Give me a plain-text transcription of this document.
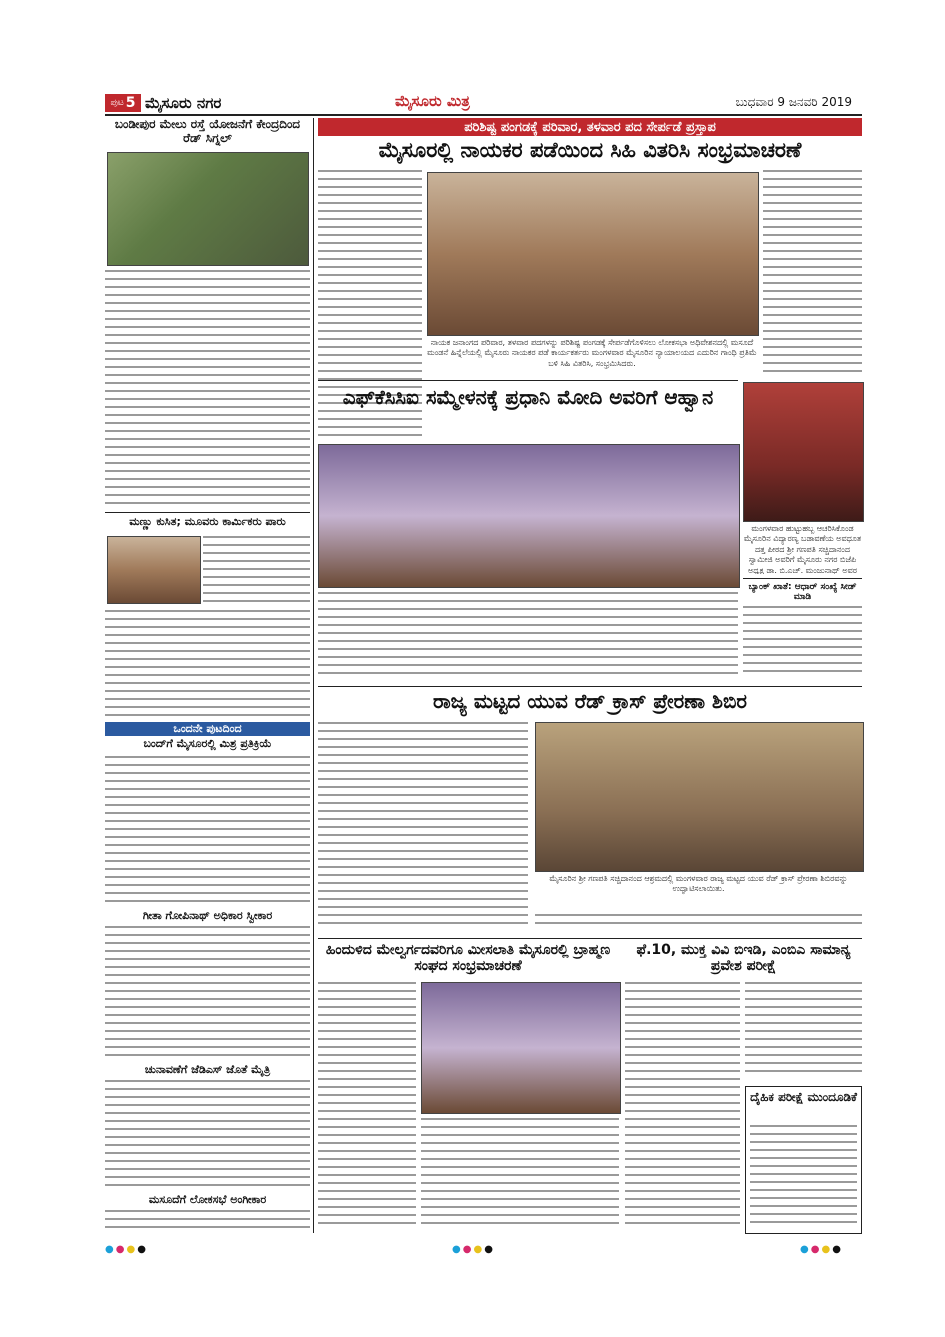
ಪುಟ 5 ಮೈಸೂರು ನಗರ	ಮೈಸೂರು ಮಿತ್ರ	ಬುಧವಾರ 9 ಜನವರಿ 2019
ಬಂಡೀಪುರ ಮೇಲು ರಸ್ತೆ ಯೋಜನೆಗೆ ಕೇಂದ್ರದಿಂದ ರೆಡ್ ಸಿಗ್ನಲ್
ಮಣ್ಣು ಕುಸಿತ; ಮೂವರು ಕಾರ್ಮಿಕರು ಪಾರು
ಒಂದನೇ ಪುಟದಿಂದ
ಬಂದ್‌ಗೆ ಮೈಸೂರಲ್ಲಿ ಮಿಶ್ರ ಪ್ರತಿಕ್ರಿಯೆ
ಗೀತಾ ಗೋಪಿನಾಥ್ ಅಧಿಕಾರ ಸ್ವೀಕಾರ
ಚುನಾವಣೆಗೆ ಜೆಡಿಎಸ್ ಜೊತೆ ಮೈತ್ರಿ
ಮಸೂದೆಗೆ ಲೋಕಸಭೆ ಅಂಗೀಕಾರ
ಪರಿಶಿಷ್ಟ ಪಂಗಡಕ್ಕೆ ಪರಿವಾರ, ತಳವಾರ ಪದ ಸೇರ್ಪಡೆ ಪ್ರಸ್ತಾಪ
ಮೈಸೂರಲ್ಲಿ ನಾಯಕರ ಪಡೆಯಿಂದ ಸಿಹಿ ವಿತರಿಸಿ ಸಂಭ್ರಮಾಚರಣೆ
ನಾಯಕ ಜನಾಂಗದ ಪರಿವಾರ, ತಳವಾರ ಪದಗಳನ್ನು ಪರಿಶಿಷ್ಟ ಪಂಗಡಕ್ಕೆ ಸೇರ್ಪಡೆಗೊಳಿಸಲು ಲೋಕಸಭಾ ಅಧಿವೇಶನದಲ್ಲಿ ಮಸೂದೆ ಮಂಡನೆ ಹಿನ್ನೆಲೆಯಲ್ಲಿ ಮೈಸೂರು ನಾಯಕರ ಪಡೆ ಕಾರ್ಯಕರ್ತರು ಮಂಗಳವಾರ ಮೈಸೂರಿನ ನ್ಯಾಯಾಲಯದ ಎದುರಿನ ಗಾಂಧಿ ಪ್ರತಿಮೆ ಬಳಿ ಸಿಹಿ ವಿತರಿಸಿ, ಸಂಭ್ರಮಿಸಿದರು.
ಎಫ್‌ಕೆಸಿಸಿಐ ಸಮ್ಮೇಳನಕ್ಕೆ ಪ್ರಧಾನಿ ಮೋದಿ ಅವರಿಗೆ ಆಹ್ವಾನ
ಮಂಗಳವಾರ ಹುಟ್ಟುಹಬ್ಬ ಆಚರಿಸಿಕೊಂಡ ಮೈಸೂರಿನ ವಿದ್ಯಾರಣ್ಯ ಬಡಾವಣೆಯ ಅವಧೂತ ದತ್ತ ಪೀಠದ ಶ್ರೀ ಗಣಪತಿ ಸಚ್ಚಿದಾನಂದ ಸ್ವಾಮೀಜಿ ಅವರಿಗೆ ಮೈಸೂರು ನಗರ ಬಿಜೆಪಿ ಅಧ್ಯಕ್ಷ ಡಾ. ಬಿ.ಎಚ್. ಮಂಜುನಾಥ್ ಅವರ
ಬ್ಯಾಂಕ್ ಖಾತೆ: ಆಧಾರ್ ಸಂಖ್ಯೆ ಸೀಡ್ ಮಾಡಿ
ರಾಜ್ಯ ಮಟ್ಟದ ಯುವ ರೆಡ್ ಕ್ರಾಸ್ ಪ್ರೇರಣಾ ಶಿಬಿರ
ಮೈಸೂರಿನ ಶ್ರೀ ಗಣಪತಿ ಸಚ್ಚಿದಾನಂದ ಆಶ್ರಮದಲ್ಲಿ ಮಂಗಳವಾರ ರಾಜ್ಯ ಮಟ್ಟದ ಯುವ ರೆಡ್ ಕ್ರಾಸ್ ಪ್ರೇರಣಾ ಶಿಬಿರವನ್ನು ಉದ್ಘಾಟಿಸಲಾಯಿತು.
ಹಿಂದುಳಿದ ಮೇಲ್ವರ್ಗದವರಿಗೂ ಮೀಸಲಾತಿ ಮೈಸೂರಲ್ಲಿ ಬ್ರಾಹ್ಮಣ ಸಂಘದ ಸಂಭ್ರಮಾಚರಣೆ
ಫೆ.10, ಮುಕ್ತ ವಿವಿ ಬಿಇಡಿ, ಎಂಬಿಎ ಸಾಮಾನ್ಯ ಪ್ರವೇಶ ಪರೀಕ್ಷೆ
ದೈಹಿಕ ಪರೀಕ್ಷೆ ಮುಂದೂಡಿಕೆ
●●●●	●●●●	●●●●
